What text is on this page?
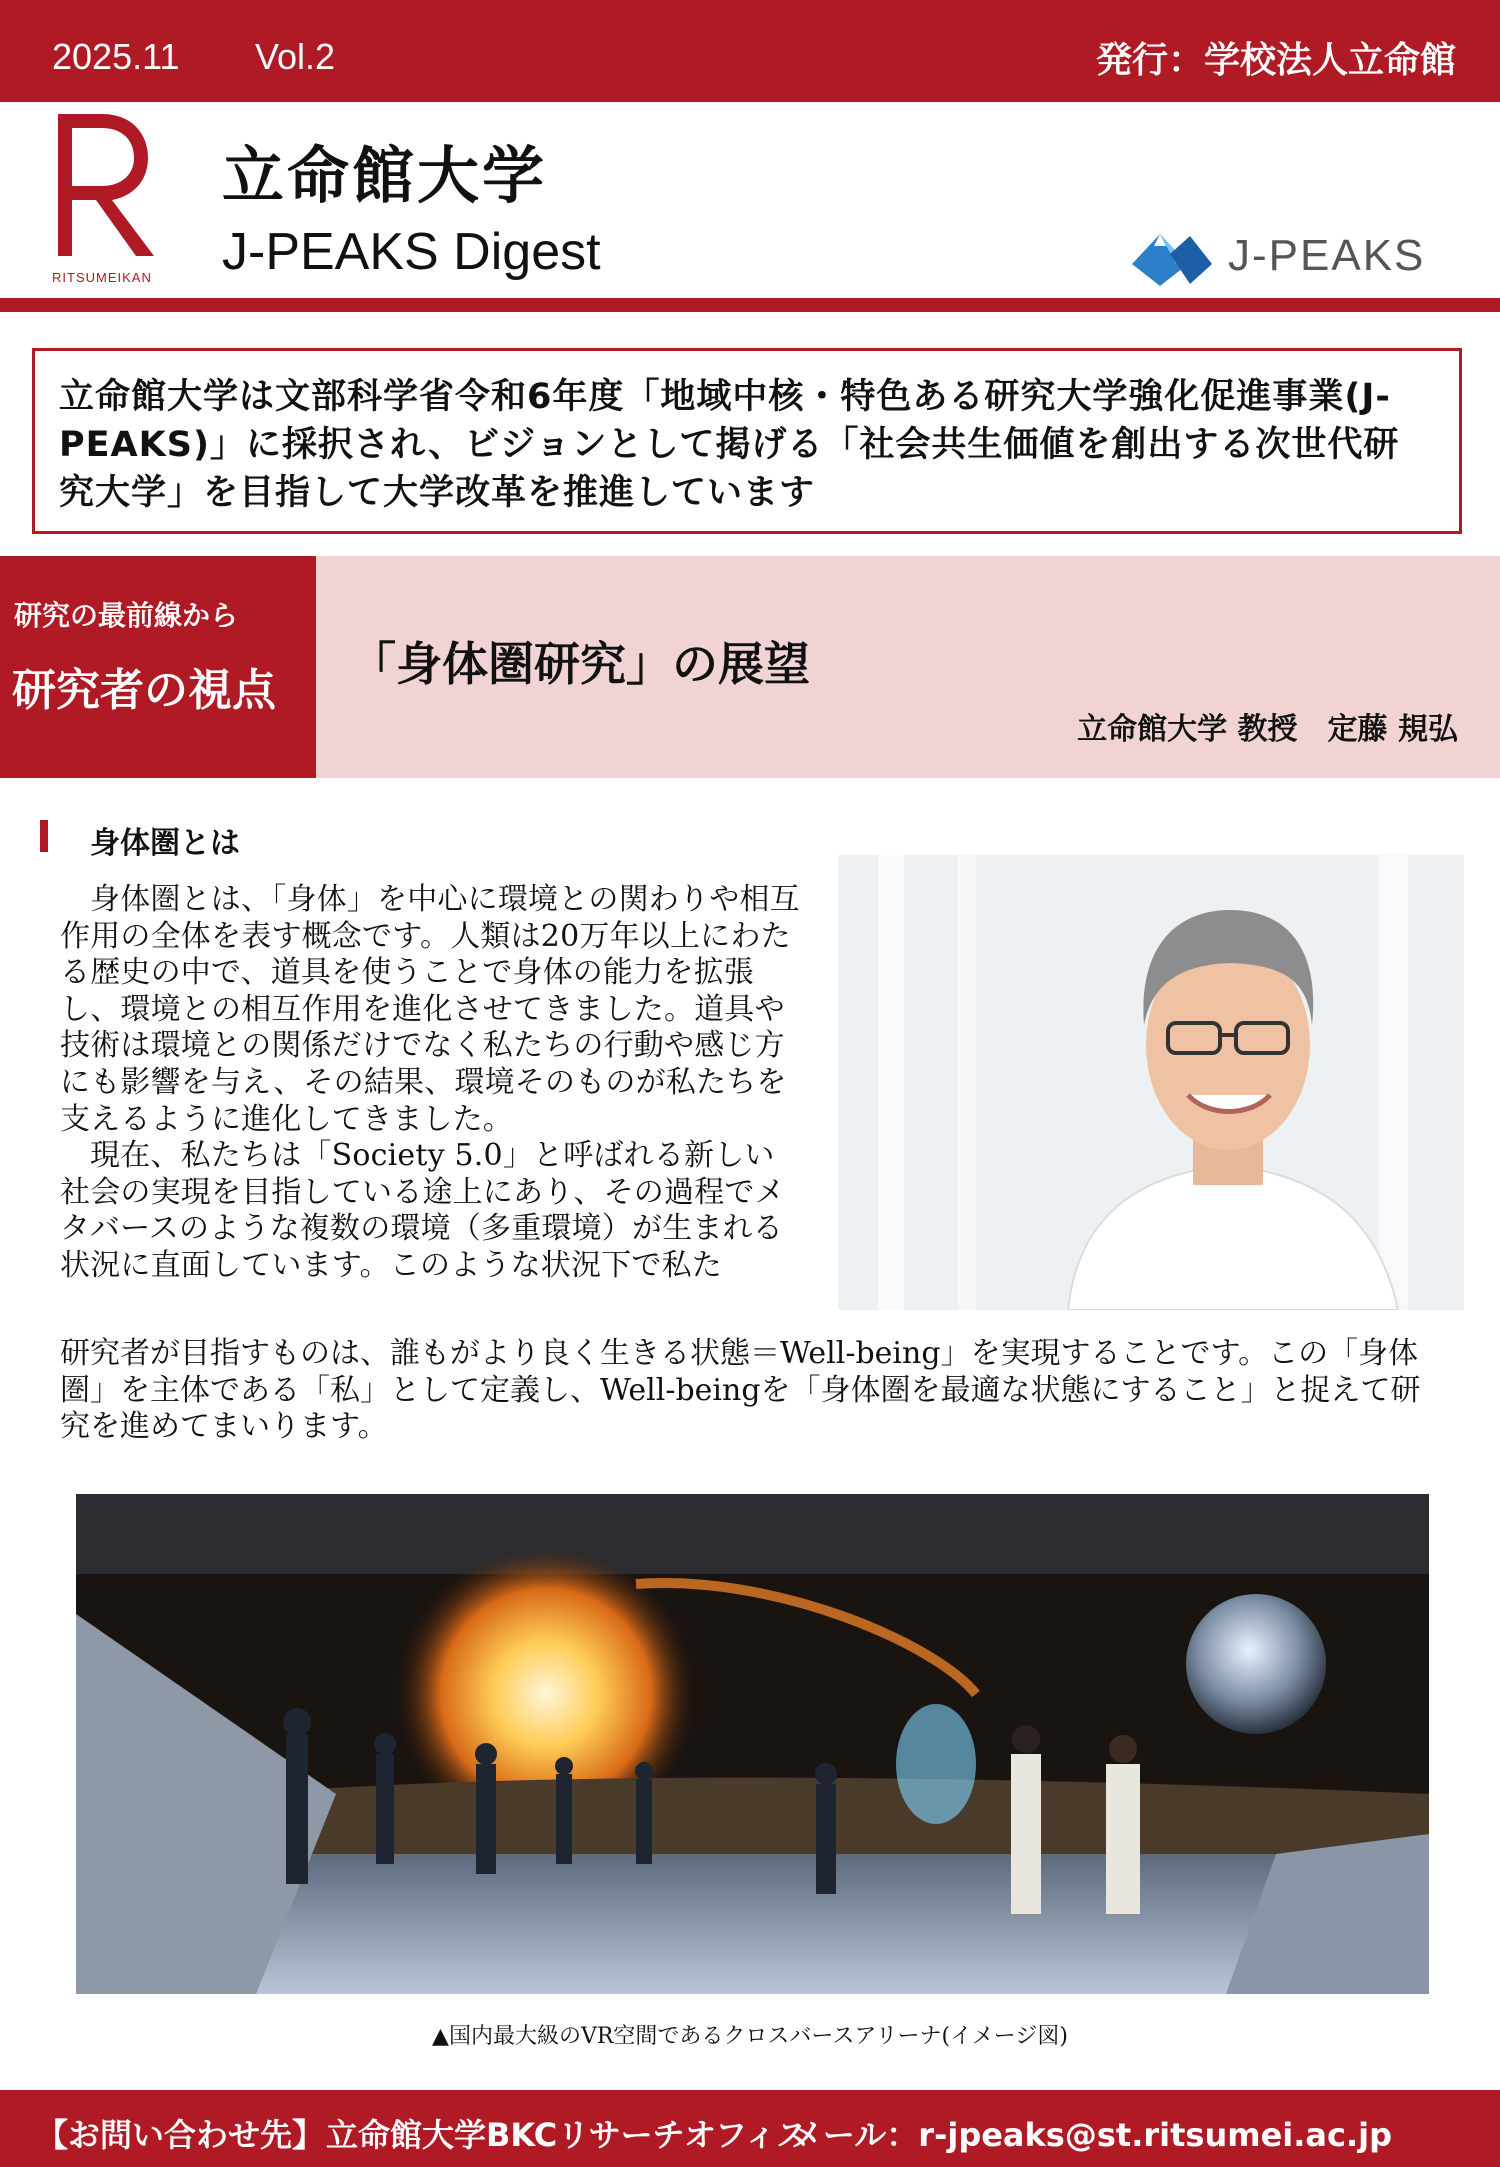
2025.11 Vol.2	発行：学校法人立命館
RITSUMEIKAN
立命館大学
J-PEAKS Digest	J-PEAKS

立命館大学は文部科学省令和6年度「地域中核・特色ある研究大学強化促進事業(J-PEAKS)」に採択され、ビジョンとして掲げる「社会共生価値を創出する次世代研究大学」を目指して大学改革を推進しています

研究の最前線から
研究者の視点 「身体圏研究」の展望
立命館大学 教授　定藤 規弘
身体圏とは

身体圏とは、「身体」を中心に環境との関わりや相互作用の全体を表す概念です。人類は20万年以上にわたる歴史の中で、道具を使うことで身体の能力を拡張し、環境との相互作用を進化させてきました。道具や技術は環境との関係だけでなく私たちの行動や感じ方にも影響を与え、その結果、環境そのものが私たちを支えるように進化してきました。

現在、私たちは「Society 5.0」と呼ばれる新しい社会の実現を目指している途上にあり、その過程でメタバースのような複数の環境（多重環境）が生まれる状況に直面しています。このような状況下で私た

研究者が目指すものは、誰もがより良く生きる状態＝Well-being」を実現することです。この「身体圏」を主体である「私」として定義し、Well-beingを「身体圏を最適な状態にすること」と捉えて研究を進めてまいります。
▲国内最大級のVR空間であるクロスバースアリーナ(イメージ図)
【お問い合わせ先】 立命館大学BKCリサーチオフィス
メール：r-jpeaks@st.ritsumei.ac.jp
